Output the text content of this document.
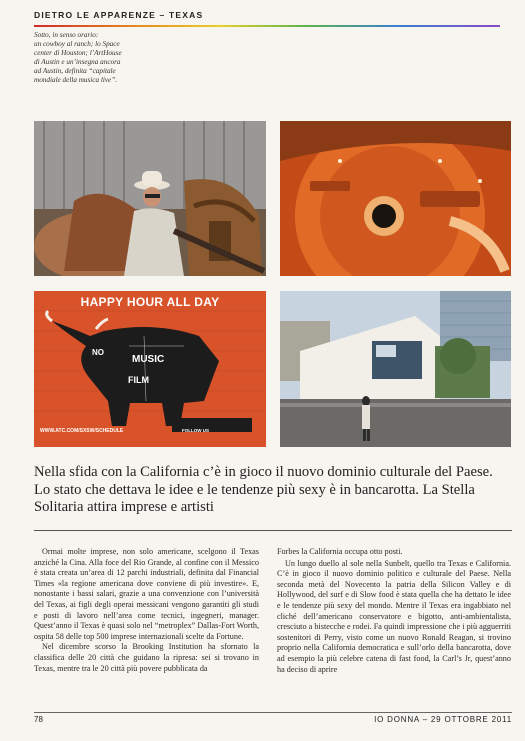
DIETRO LE APPARENZE – TEXAS
Sotto, in senso orario:
un cowboy al ranch; lo Space
center di Houston; l’ArtHouse
di Austin e un’insegna ancora
ad Austin, definita “capitale
mondiale della musica live”.
HAPPY HOUR ALL DAY
NO
MUSIC
FILM
WWW.ATC.COM/SXSW/SCHEDULE	FOLLOW US
Nella sfida con la California c’è in gioco il nuovo dominio culturale del Paese. Lo stato che dettava le idee e le tendenze più sexy è in bancarotta. La Stella Solitaria attira imprese e artisti

Ormai molte imprese, non solo americane, scelgono il Texas anziché la Cina. Alla foce del Rio Grande, al confine con il Messico è stata creata un’area di 12 parchi industriali, definita dal Financial Times «la regione americana dove conviene di più investire». E, nonostante i bassi salari, grazie a una convenzione con l’università del Texas, ai figli degli operai messicani vengono garantiti gli studi e posti di lavoro nell’area come tecnici, ingegneri, manager. Quest’anno il Texas è quasi solo nel “metroplex” Dallas-Fort Worth, ospita 58 delle top 500 imprese internazionali scelte da Fortune.

Nel dicembre scorso la Brooking Institution ha sfornato la classifica delle 20 città che guidano la ripresa: sei si trovano in Texas, mentre tra le 20 città più povere pubblicata da

Forbes la California occupa otto posti.

Un lungo duello al sole nella Sunbelt, quello tra Texas e California. C’è in gioco il nuovo dominio politico e culturale del Paese. Nella seconda metà del Novecento la patria della Silicon Valley e di Hollywood, del surf e di Slow food è stata quella che ha dettato le idee e le tendenze più sexy del mondo. Mentre il Texas era ingabbiato nel cliché dell’americano conservatore e bigotto, anti-ambientalista, cresciuto a bistecche e rodei. Fa quindi impressione che i più agguerriti sostenitori di Perry, visto come un nuovo Ronald Reagan, si trovino proprio nella California democratica e sull’orlo della bancarotta, dove ad esempio la più celebre catena di fast food, la Carl’s Jr, quest’anno ha deciso di aprire

78	IO DONNA – 29 OTTOBRE 2011
